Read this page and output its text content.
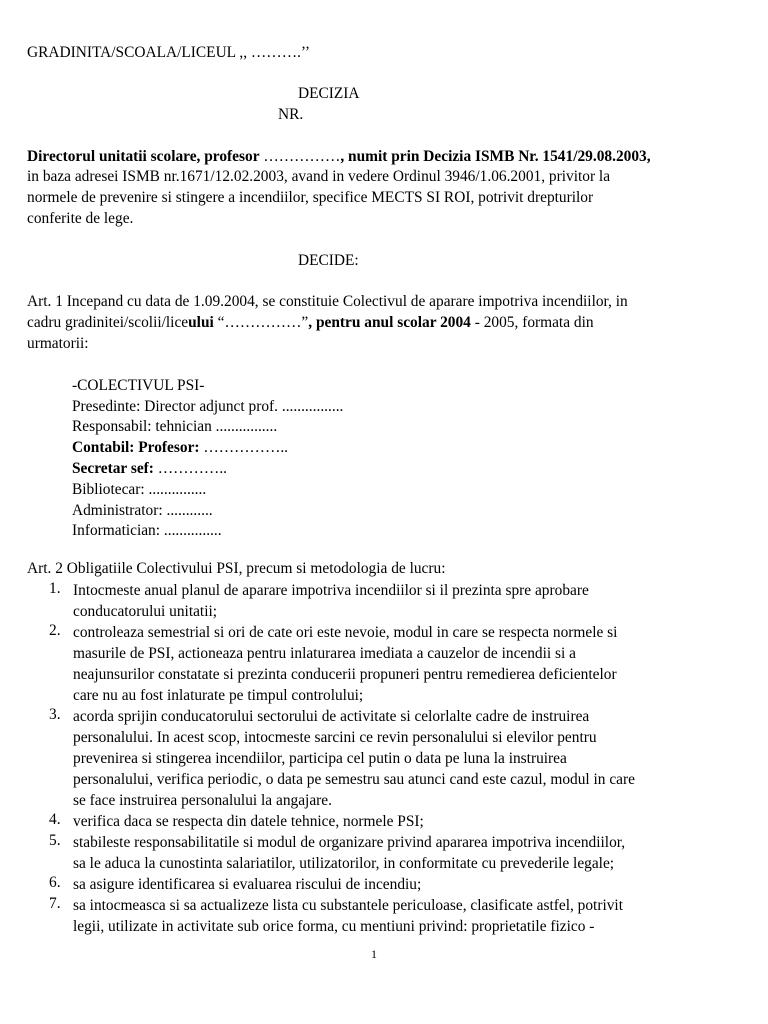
GRADINITA/SCOALA/LICEUL ,, ……….’’
DECIZIA
NR.
Directorul unitatii scolare, profesor ……………, numit prin Decizia ISMB Nr. 1541/29.08.2003,
in baza adresei ISMB nr.1671/12.02.2003, avand in vedere Ordinul 3946/1.06.2001, privitor la
normele de prevenire si stingere a incendiilor, specifice MECTS SI ROI, potrivit drepturilor
conferite de lege.
DECIDE:
Art. 1 Incepand cu data de 1.09.2004, se constituie Colectivul de aparare impotriva incendiilor, in
cadru gradinitei/scolii/liceului “……………”, pentru anul scolar 2004 - 2005, formata din
urmatorii:
-COLECTIVUL PSI-
Presedinte: Director adjunct prof. ................
Responsabil: tehnician ................
Contabil: Profesor: ……………..
Secretar sef: …………..
Bibliotecar: ...............
Administrator: ............
Informatician: ...............
Art. 2 Obligatiile Colectivului PSI, precum si metodologia de lucru:
1. Intocmeste anual planul de aparare impotriva incendiilor si il prezinta spre aprobare
conducatorului unitatii;
2. controleaza semestrial si ori de cate ori este nevoie, modul in care se respecta normele si
masurile de PSI, actioneaza pentru inlaturarea imediata a cauzelor de incendii si a
neajunsurilor constatate si prezinta conducerii propuneri pentru remedierea deficientelor
care nu au fost inlaturate pe timpul controlului;
3. acorda sprijin conducatorului sectorului de activitate si celorlalte cadre de instruirea
personalului. In acest scop, intocmeste sarcini ce revin personalului si elevilor pentru
prevenirea si stingerea incendiilor, participa cel putin o data pe luna la instruirea
personalului, verifica periodic, o data pe semestru sau atunci cand este cazul, modul in care
se face instruirea personalului la angajare.
4. verifica daca se respecta din datele tehnice, normele PSI;
5. stabileste responsabilitatile si modul de organizare privind apararea impotriva incendiilor,
sa le aduca la cunostinta salariatilor, utilizatorilor, in conformitate cu prevederile legale;
6. sa asigure identificarea si evaluarea riscului de incendiu;
7. sa intocmeasca si sa actualizeze lista cu substantele periculoase, clasificate astfel, potrivit
legii, utilizate in activitate sub orice forma, cu mentiuni privind: proprietatile fizico -
1
